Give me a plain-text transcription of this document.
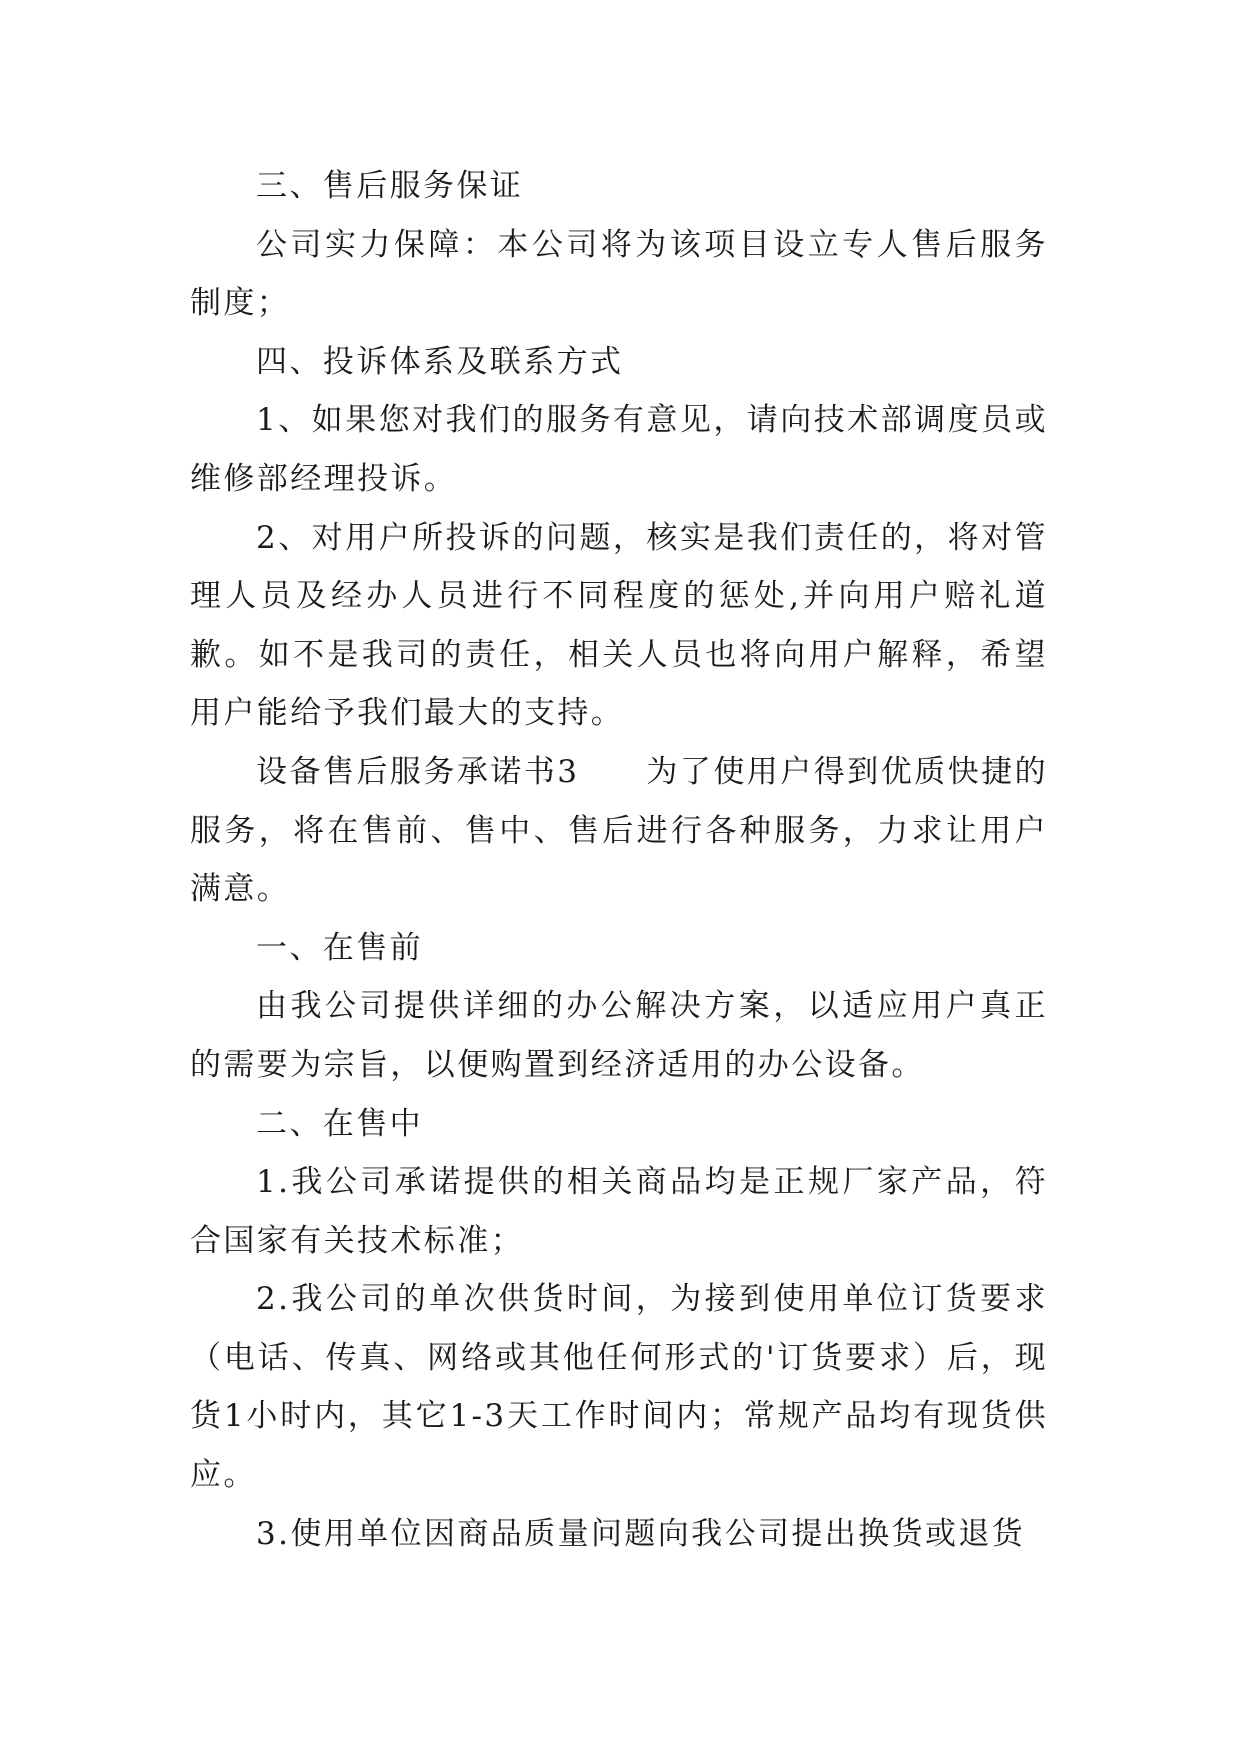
三、售后服务保证

公司实力保障：本公司将为该项目设立专人售后服务制度；

四、投诉体系及联系方式

1、如果您对我们的服务有意见，请向技术部调度员或维修部经理投诉。

2、对用户所投诉的问题，核实是我们责任的，将对管理人员及经办人员进行不同程度的惩处,并向用户赔礼道歉。如不是我司的责任，相关人员也将向用户解释，希望用户能给予我们最大的支持。

设备售后服务承诺书3　　为了使用户得到优质快捷的服务，将在售前、售中、售后进行各种服务，力求让用户满意。

一、在售前

由我公司提供详细的办公解决方案，以适应用户真正的需要为宗旨，以便购置到经济适用的办公设备。

二、在售中

1.我公司承诺提供的相关商品均是正规厂家产品，符合国家有关技术标准；

2.我公司的单次供货时间，为接到使用单位订货要求（电话、传真、网络或其他任何形式的'订货要求）后，现货1小时内，其它1-3天工作时间内；常规产品均有现货供应。

3.使用单位因商品质量问题向我公司提出换货或退货
